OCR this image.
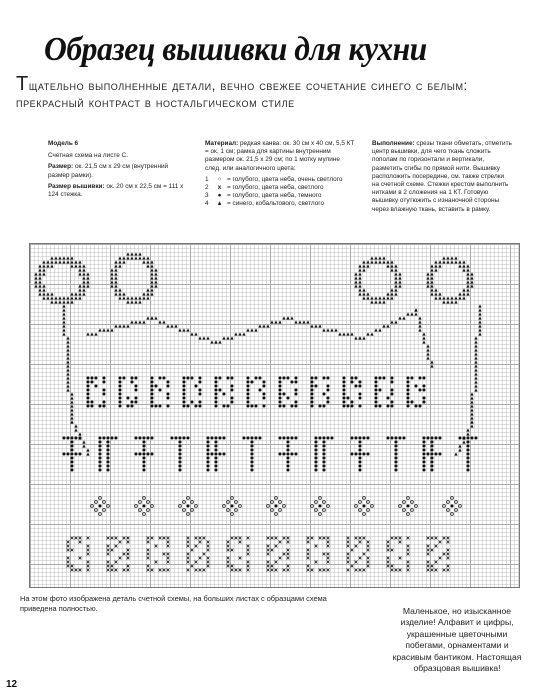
Образец вышивки для кухни
Тщательно выполненные детали, вечно свежее сочетание синего с белым: прекрасный контраст в ностальгическом стиле
Модель 6
Счетная схема на листе С.
Размер: ок. 21,5 см х 29 см (внутренний размер рамки).
Размер вышивки: ок. 20 см х 22,5 см = 111 х 124 стежка.
Материал: редкая канва: ок. 30 см х 40 см, 5,5 КТ = ок. 1 см; рамка для картины внутренним размером ок. 21,5 х 29 см; по 1 мотку мулине след. или аналогичного цвета:
1	○ = голубого, цвета неба, очень светлого
2	x = голубого, цвета неба, светлого
3	● = голубого, цвета неба, темного
4	▲ = синего, кобальтового, светлого
Выполнение: срезы ткани обметать, отметить центр вышивки, для чего ткань сложить пополам по горизонтали и вертикали, разметить сгибы по прямой нити. Вышивку расположить посередине, см. также стрелки на счетной схеме. Стежки крестом выполнить нитками в 2 сложения на 1 КТ. Готовую вышивку отутюжить с изнаночной стороны через влажную ткань, вставить в рамку.
На этом фото изображена деталь счетной схемы, на больших листах с образцами схема приведена полностью.	Маленькое, но изысканное изделие! Алфавит и цифры, украшенные цветочными побегами, орнаментами и красивым бантиком. Настоящая образцовая вышивка!
12
